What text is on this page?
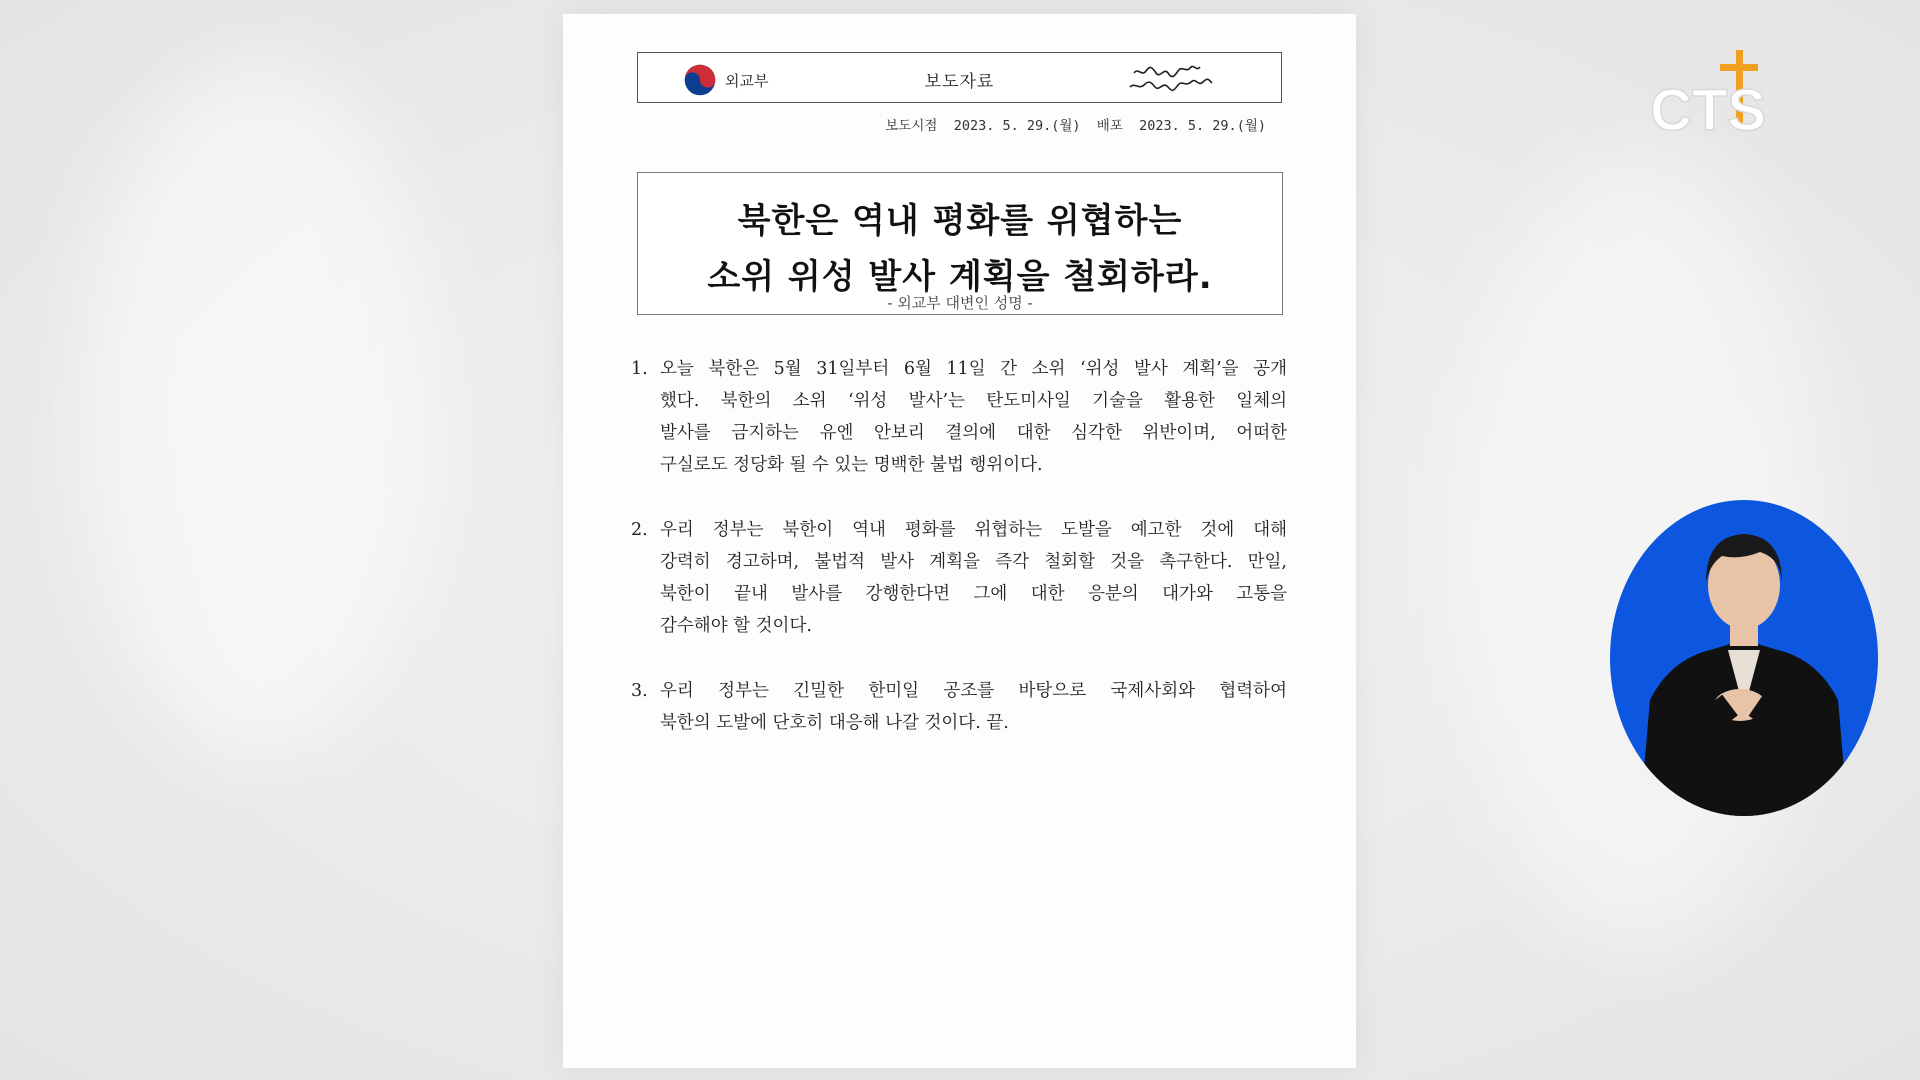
외교부	보도자료
보도시점 2023. 5. 29.(월) 배포 2023. 5. 29.(월)
북한은 역내 평화를 위협하는
소위 위성 발사 계획을 철회하라.
- 외교부 대변인 성명 -
1. 오늘 북한은 5월 31일부터 6월 11일 간 소위 ‘위성 발사 계획’을 공개
했다. 북한의 소위 ‘위성 발사’는 탄도미사일 기술을 활용한 일체의
발사를 금지하는 유엔 안보리 결의에 대한 심각한 위반이며, 어떠한
구실로도 정당화 될 수 있는 명백한 불법 행위이다.
2. 우리 정부는 북한이 역내 평화를 위협하는 도발을 예고한 것에 대해
강력히 경고하며, 불법적 발사 계획을 즉각 철회할 것을 촉구한다. 만일,
북한이 끝내 발사를 강행한다면 그에 대한 응분의 대가와 고통을
감수해야 할 것이다.
3. 우리 정부는 긴밀한 한미일 공조를 바탕으로 국제사회와 협력하여
북한의 도발에 단호히 대응해 나갈 것이다. 끝.
CTS
